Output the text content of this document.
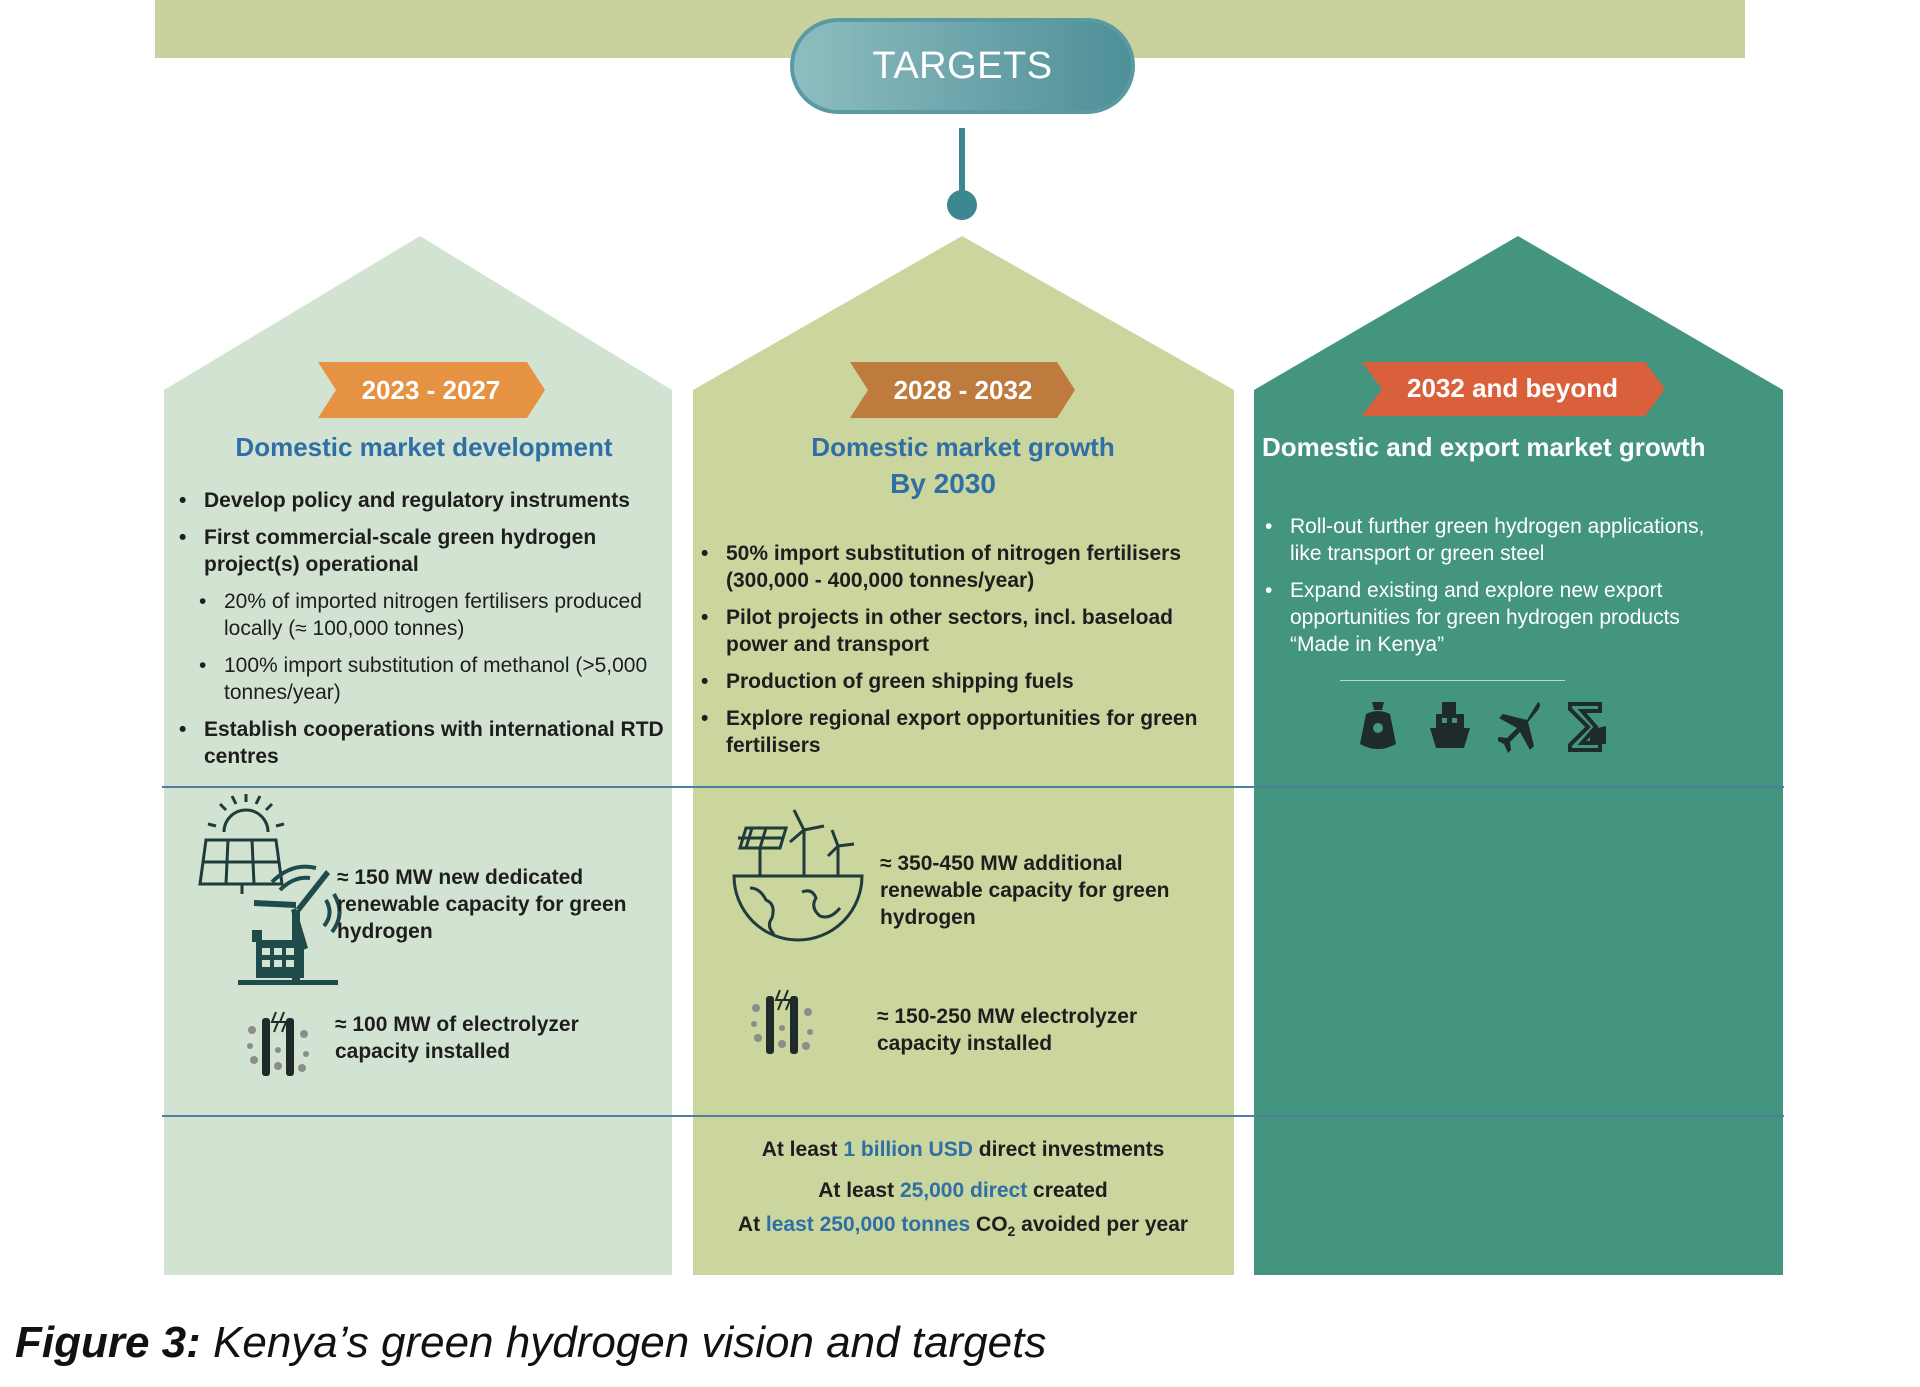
TARGETS
2023 - 2027
Domestic market development
• Develop policy and regulatory instruments
• First commercial-scale green hydrogen project(s) operational
• 20% of imported nitrogen fertilisers produced locally (≈ 100,000 tonnes)
• 100% import substitution of methanol (>5,000 tonnes/year)
• Establish cooperations with international RTD centres
2028 - 2032
Domestic market growth
By 2030
• 50% import substitution of nitrogen fertilisers (300,000 - 400,000 tonnes/year)
• Pilot projects in other sectors, incl. baseload power and transport
• Production of green shipping fuels
• Explore regional export opportunities for green fertilisers
2032 and beyond
Domestic and export market growth
• Roll-out further green hydrogen applications, like transport or green steel
• Expand existing and explore new export opportunities for green hydrogen products “Made in Kenya”
≈ 150 MW new dedicated renewable capacity for green hydrogen
≈ 100 MW of electrolyzer capacity installed
≈ 350-450 MW additional renewable capacity for green hydrogen
≈ 150-250 MW electrolyzer capacity installed
At least 1 billion USD direct investments
At least 25,000 direct created
At least 250,000 tonnes $CO_2$ avoided per year
Figure 3: Kenya’s green hydrogen vision and targets
